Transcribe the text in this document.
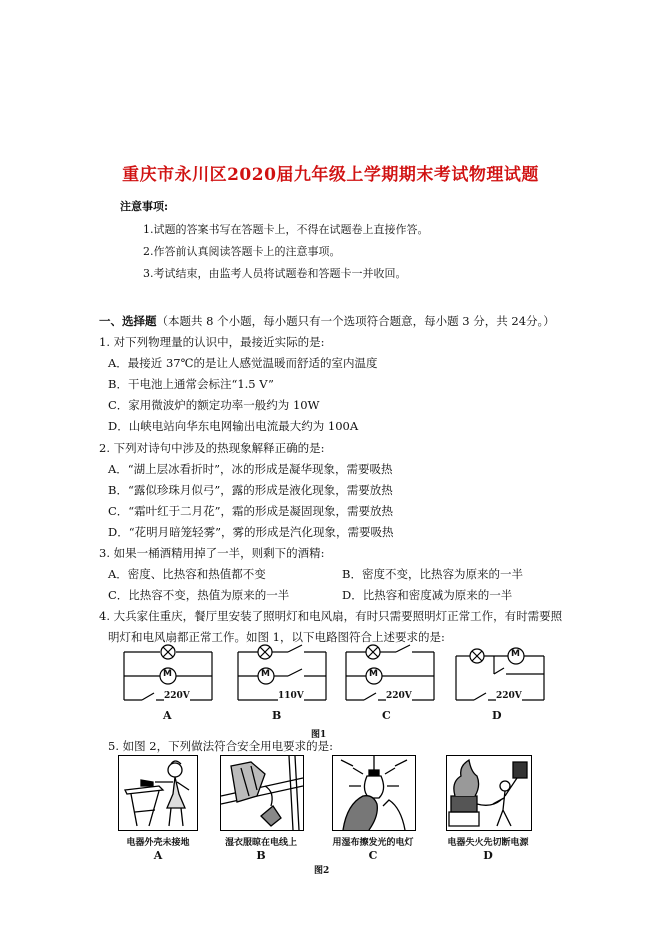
重庆市永川区2020届九年级上学期期末考试物理试题
注意事项:
1.试题的答案书写在答题卡上，不得在试题卷上直接作答。
2.作答前认真阅读答题卡上的注意事项。
3.考试结束，由监考人员将试题卷和答题卡一并收回。
一、选择题（本题共 8 个小题，每小题只有一个选项符合题意，每小题 3 分，共 24分。）
1. 对下列物理量的认识中，最接近实际的是:
A．最接近 37℃的是让人感觉温暖而舒适的室内温度
B．干电池上通常会标注“1.5 V”
C．家用微波炉的额定功率一般约为 10W
D．山峡电站向华东电网输出电流最大约为 100A
2. 下列对诗句中涉及的热现象解释正确的是:
A．“湖上层冰看折时”，冰的形成是凝华现象，需要吸热
B．“露似珍珠月似弓”，露的形成是液化现象，需要放热
C．“霜叶红于二月花”，霜的形成是凝固现象，需要放热
D．“花明月暗笼轻雾”，雾的形成是汽化现象，需要吸热
3. 如果一桶酒精用掉了一半，则剩下的酒精:
A．密度、比热容和热值都不变	B．密度不变，比热容为原来的一半
C．比热容不变，热值为原来的一半	D．比热容和密度减为原来的一半
4. 大兵家住重庆，餐厅里安装了照明灯和电风扇，有时只需要照明灯正常工作，有时需要照
明灯和电风扇都正常工作。如图 1，以下电路图符合上述要求的是:
M
220V
A
M
110V
B
M
220V
C
M
220V
D
图1
5. 如图 2，下列做法符合安全用电要求的是:
电器外壳未接地
A
湿衣服晾在电线上
B
用湿布擦发光的电灯
C
电器失火先切断电源
D
图2
